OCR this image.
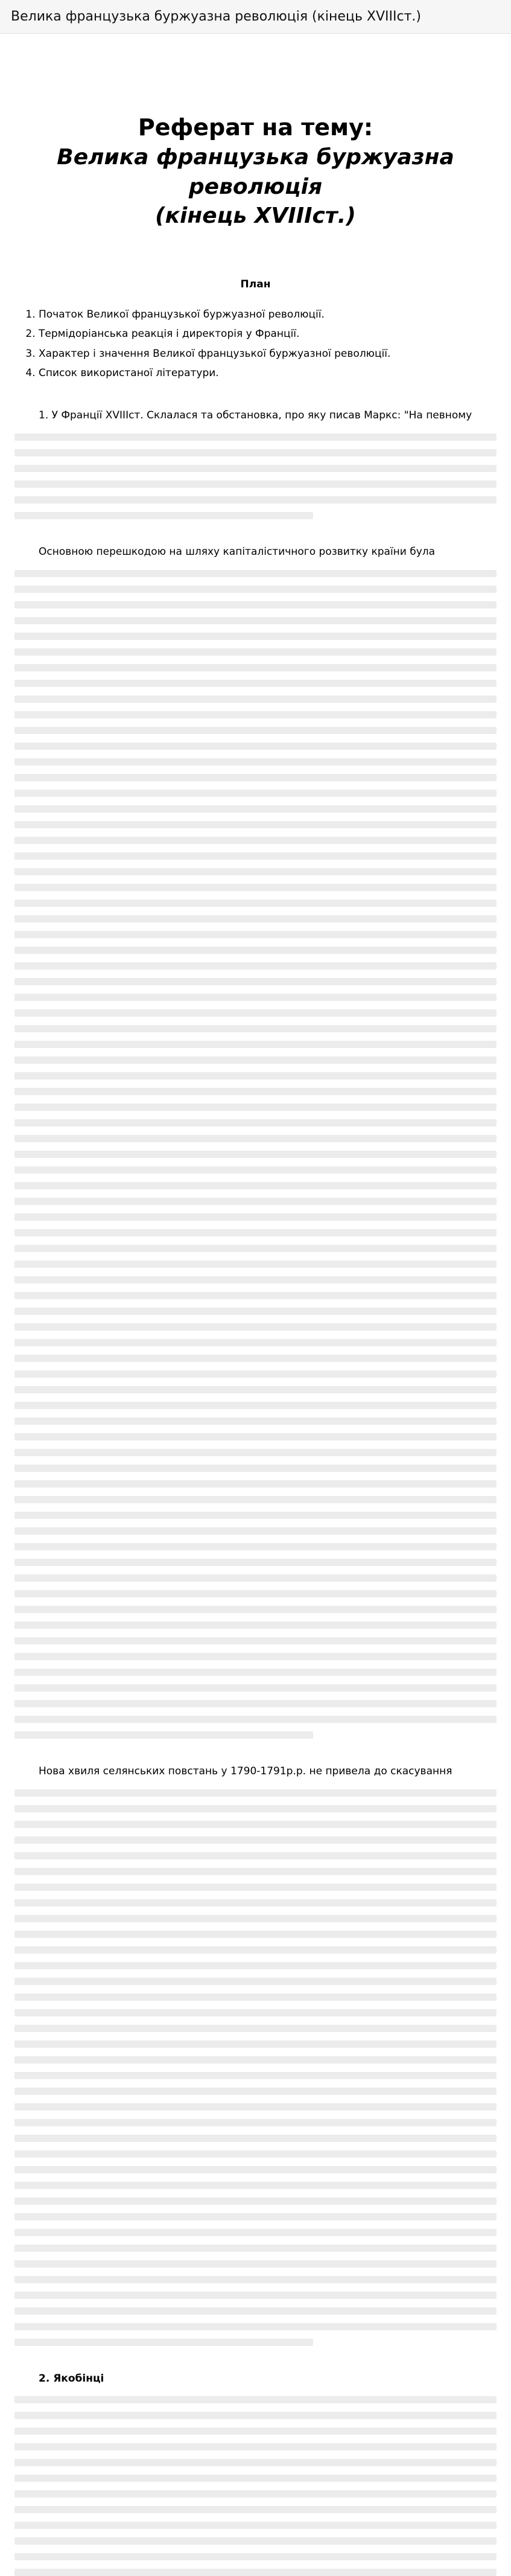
Велика французька буржуазна революція (кінець XVIIIст.)

Реферат на тему:

Велика французька буржуазна революція

(кінець XVIIIст.)

План
1. Початок Великої французької буржуазної революції.
2. Термідоріанська реакція і директорія у Франції.
3. Характер і значення Великої французької буржуазної революції.
4. Список використаної літератури.
1. У Франції XVIIIст. Склалася та обстановка, про яку писав Маркс: "На певному
Основною перешкодою на шляху капіталістичного розвитку країни була
Нова хвиля селянських повстань у 1790-1791р.р. не привела до скасування
2. Якобінці
